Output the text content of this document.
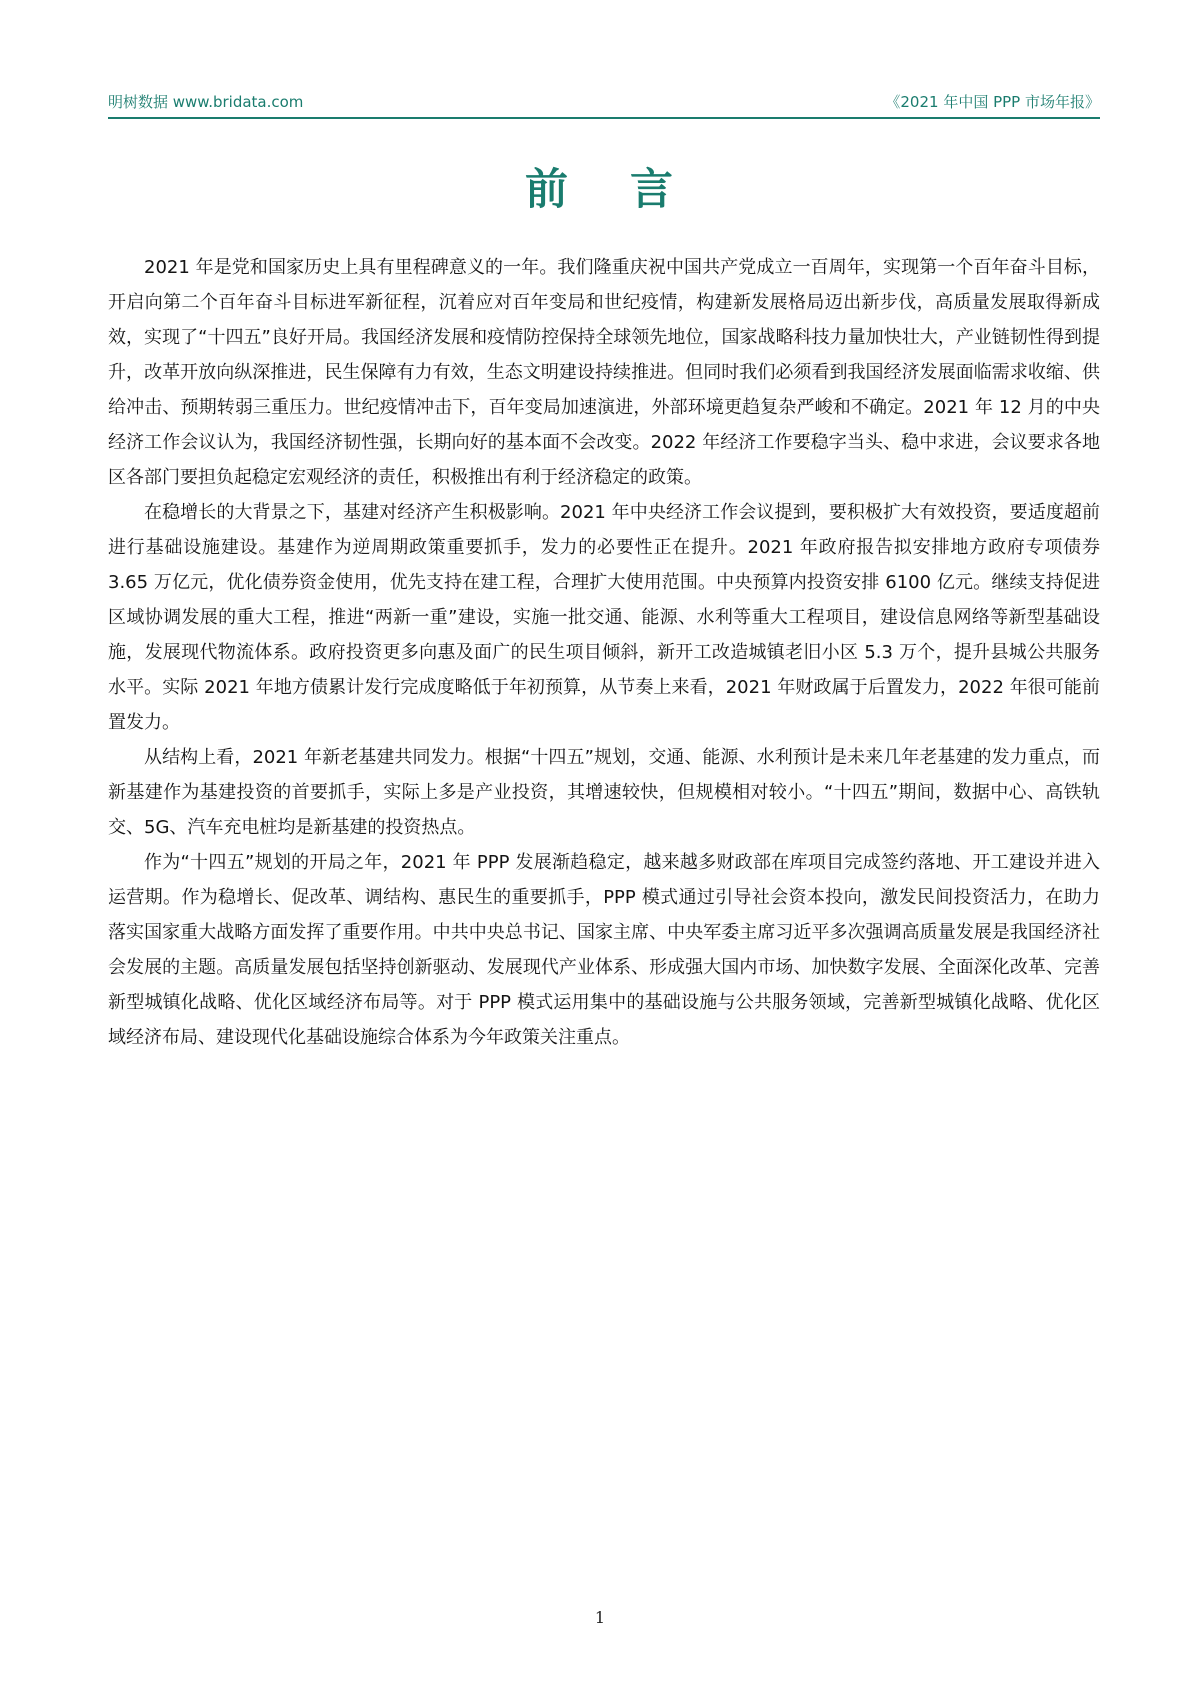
明树数据 www.bridata.com	《2021 年中国 PPP 市场年报》
前 言

2021 年是党和国家历史上具有里程碑意义的一年。我们隆重庆祝中国共产党成立一百周年，实现第一个百年奋斗目标，开启向第二个百年奋斗目标进军新征程，沉着应对百年变局和世纪疫情，构建新发展格局迈出新步伐，高质量发展取得新成效，实现了“十四五”良好开局。我国经济发展和疫情防控保持全球领先地位，国家战略科技力量加快壮大，产业链韧性得到提升，改革开放向纵深推进，民生保障有力有效，生态文明建设持续推进。但同时我们必须看到我国经济发展面临需求收缩、供给冲击、预期转弱三重压力。世纪疫情冲击下，百年变局加速演进，外部环境更趋复杂严峻和不确定。2021 年 12 月的中央经济工作会议认为，我国经济韧性强，长期向好的基本面不会改变。2022 年经济工作要稳字当头、稳中求进，会议要求各地区各部门要担负起稳定宏观经济的责任，积极推出有利于经济稳定的政策。

在稳增长的大背景之下，基建对经济产生积极影响。2021 年中央经济工作会议提到，要积极扩大有效投资，要适度超前进行基础设施建设。基建作为逆周期政策重要抓手，发力的必要性正在提升。2021 年政府报告拟安排地方政府专项债券 3.65 万亿元，优化债券资金使用，优先支持在建工程，合理扩大使用范围。中央预算内投资安排 6100 亿元。继续支持促进区域协调发展的重大工程，推进“两新一重”建设，实施一批交通、能源、水利等重大工程项目，建设信息网络等新型基础设施，发展现代物流体系。政府投资更多向惠及面广的民生项目倾斜，新开工改造城镇老旧小区 5.3 万个，提升县城公共服务水平。实际 2021 年地方债累计发行完成度略低于年初预算，从节奏上来看，2021 年财政属于后置发力，2022 年很可能前置发力。

从结构上看，2021 年新老基建共同发力。根据“十四五”规划，交通、能源、水利预计是未来几年老基建的发力重点，而新基建作为基建投资的首要抓手，实际上多是产业投资，其增速较快，但规模相对较小。“十四五”期间，数据中心、高铁轨交、5G、汽车充电桩均是新基建的投资热点。

作为“十四五”规划的开局之年，2021 年 PPP 发展渐趋稳定，越来越多财政部在库项目完成签约落地、开工建设并进入运营期。作为稳增长、促改革、调结构、惠民生的重要抓手，PPP 模式通过引导社会资本投向，激发民间投资活力，在助力落实国家重大战略方面发挥了重要作用。中共中央总书记、国家主席、中央军委主席习近平多次强调高质量发展是我国经济社会发展的主题。高质量发展包括坚持创新驱动、发展现代产业体系、形成强大国内市场、加快数字发展、全面深化改革、完善新型城镇化战略、优化区域经济布局等。对于 PPP 模式运用集中的基础设施与公共服务领域，完善新型城镇化战略、优化区域经济布局、建设现代化基础设施综合体系为今年政策关注重点。

1
